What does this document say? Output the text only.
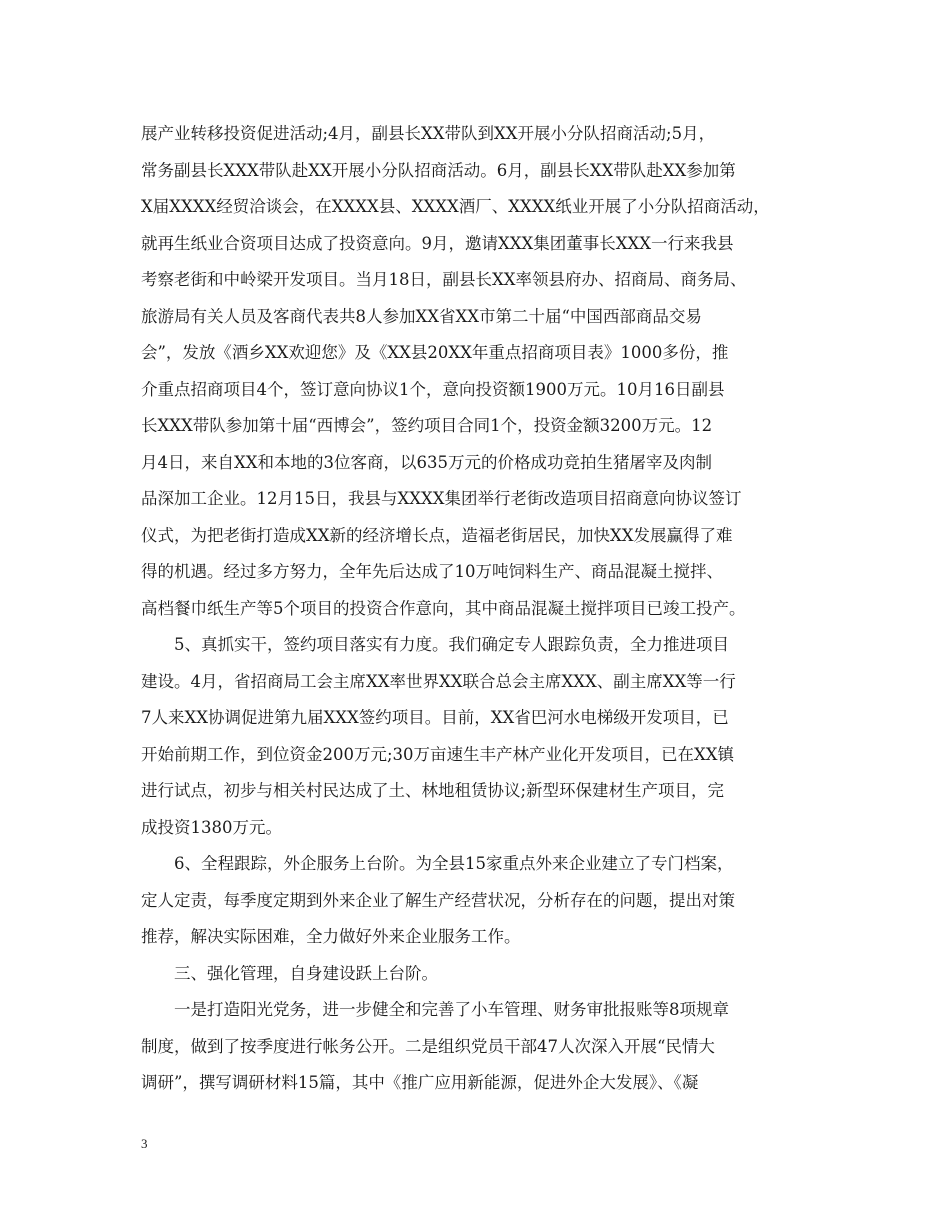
展产业转移投资促进活动;4月，副县长XX带队到XX开展小分队招商活动;5月，
常务副县长XXX带队赴XX开展小分队招商活动。6月，副县长XX带队赴XX参加第
X届XXXX经贸洽谈会，在XXXX县、XXXX酒厂、XXXX纸业开展了小分队招商活动，
就再生纸业合资项目达成了投资意向。9月，邀请XXX集团董事长XXX一行来我县
考察老街和中岭梁开发项目。当月18日，副县长XX率领县府办、招商局、商务局、
旅游局有关人员及客商代表共8人参加XX省XX市第二十届“中国西部商品交易
会”，发放《酒乡XX欢迎您》及《XX县20XX年重点招商项目表》1000多份，推
介重点招商项目4个，签订意向协议1个，意向投资额1900万元。10月16日副县
长XXX带队参加第十届“西博会”，签约项目合同1个，投资金额3200万元。12
月4日，来自XX和本地的3位客商，以635万元的价格成功竞拍生猪屠宰及肉制
品深加工企业。12月15日，我县与XXXX集团举行老街改造项目招商意向协议签订
仪式，为把老街打造成XX新的经济增长点，造福老街居民，加快XX发展赢得了难
得的机遇。经过多方努力，全年先后达成了10万吨饲料生产、商品混凝土搅拌、
高档餐巾纸生产等5个项目的投资合作意向，其中商品混凝土搅拌项目已竣工投产。
5、真抓实干，签约项目落实有力度。我们确定专人跟踪负责，全力推进项目
建设。4月，省招商局工会主席XX率世界XX联合总会主席XXX、副主席XX等一行
7人来XX协调促进第九届XXX签约项目。目前，XX省巴河水电梯级开发项目，已
开始前期工作，到位资金200万元;30万亩速生丰产林产业化开发项目，已在XX镇
进行试点，初步与相关村民达成了土、林地租赁协议;新型环保建材生产项目，完
成投资1380万元。
6、全程跟踪，外企服务上台阶。为全县15家重点外来企业建立了专门档案，
定人定责，每季度定期到外来企业了解生产经营状况，分析存在的问题，提出对策
推荐，解决实际困难，全力做好外来企业服务工作。
三、强化管理，自身建设跃上台阶。
一是打造阳光党务，进一步健全和完善了小车管理、财务审批报账等8项规章
制度，做到了按季度进行帐务公开。二是组织党员干部47人次深入开展“民情大
调研”，撰写调研材料15篇，其中《推广应用新能源，促进外企大发展》、《凝
3
